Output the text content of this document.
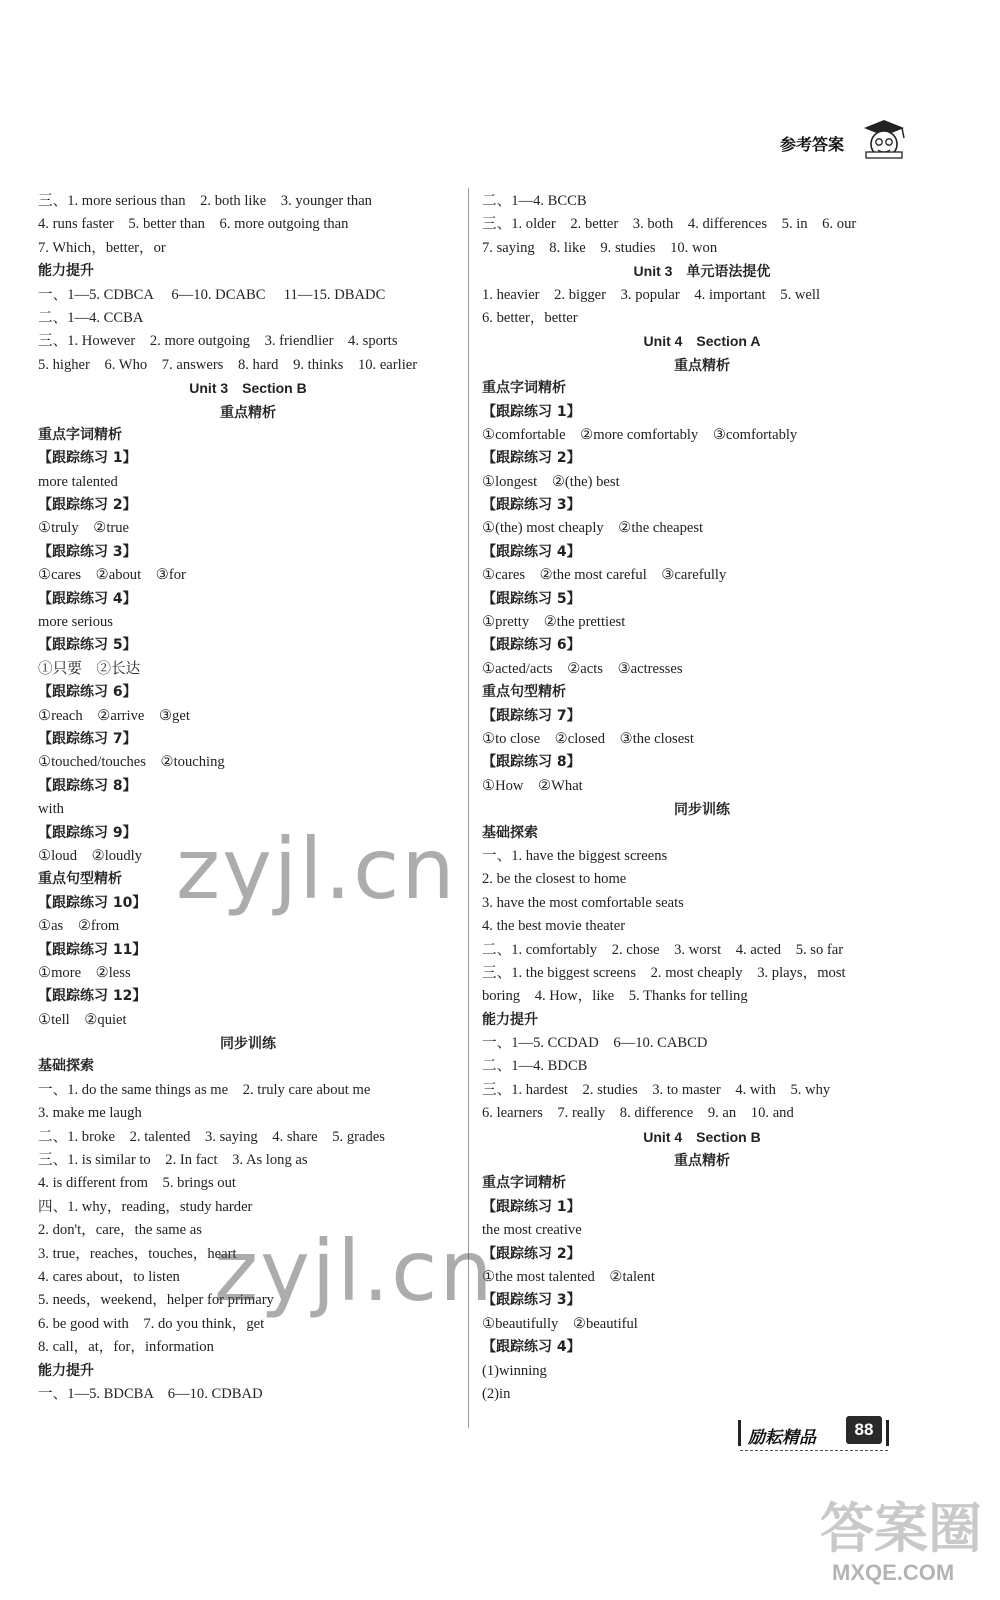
参考答案
三、1. more serious than　2. both like　3. younger than
4. runs faster　5. better than　6. more outgoing than
7. Which，better，or
能力提升
一、1—5. CDBCA　 6—10. DCABC　 11—15. DBADC
二、1—4. CCBA
三、1. However　2. more outgoing　3. friendlier　4. sports
5. higher　6. Who　7. answers　8. hard　9. thinks　10. earlier
Unit 3　Section B
重点精析
重点字词精析
【跟踪练习 1】
more talented
【跟踪练习 2】
①truly　②true
【跟踪练习 3】
①cares　②about　③for
【跟踪练习 4】
more serious
【跟踪练习 5】
①只要　②长达
【跟踪练习 6】
①reach　②arrive　③get
【跟踪练习 7】
①touched/touches　②touching
【跟踪练习 8】
with
【跟踪练习 9】
①loud　②loudly
重点句型精析
【跟踪练习 10】
①as　②from
【跟踪练习 11】
①more　②less
【跟踪练习 12】
①tell　②quiet
同步训练
基础探索
一、1. do the same things as me　2. truly care about me
3. make me laugh
二、1. broke　2. talented　3. saying　4. share　5. grades
三、1. is similar to　2. In fact　3. As long as
4. is different from　5. brings out
四、1. why，reading，study harder
2. don't，care，the same as
3. true，reaches，touches，heart
4. cares about，to listen
5. needs，weekend，helper for primary
6. be good with　7. do you think，get
8. call，at，for，information
能力提升
一、1—5. BDCBA　6—10. CDBAD
二、1—4. BCCB
三、1. older　2. better　3. both　4. differences　5. in　6. our
7. saying　8. like　9. studies　10. won
Unit 3　单元语法提优
1. heavier　2. bigger　3. popular　4. important　5. well
6. better，better
Unit 4　Section A
重点精析
重点字词精析
【跟踪练习 1】
①comfortable　②more comfortably　③comfortably
【跟踪练习 2】
①longest　②(the) best
【跟踪练习 3】
①(the) most cheaply　②the cheapest
【跟踪练习 4】
①cares　②the most careful　③carefully
【跟踪练习 5】
①pretty　②the prettiest
【跟踪练习 6】
①acted/acts　②acts　③actresses
重点句型精析
【跟踪练习 7】
①to close　②closed　③the closest
【跟踪练习 8】
①How　②What
同步训练
基础探索
一、1. have the biggest screens
2. be the closest to home
3. have the most comfortable seats
4. the best movie theater
二、1. comfortably　2. chose　3. worst　4. acted　5. so far
三、1. the biggest screens　2. most cheaply　3. plays，most
boring　4. How，like　5. Thanks for telling
能力提升
一、1—5. CCDAD　6—10. CABCD
二、1—4. BDCB
三、1. hardest　2. studies　3. to master　4. with　5. why
6. learners　7. really　8. difference　9. an　10. and
Unit 4　Section B
重点精析
重点字词精析
【跟踪练习 1】
the most creative
【跟踪练习 2】
①the most talented　②talent
【跟踪练习 3】
①beautifully　②beautiful
【跟踪练习 4】
(1)winning
(2)in
zyjl.cn
zyjl.cn
励耘精品	88
答案圈
MXQE.COM
